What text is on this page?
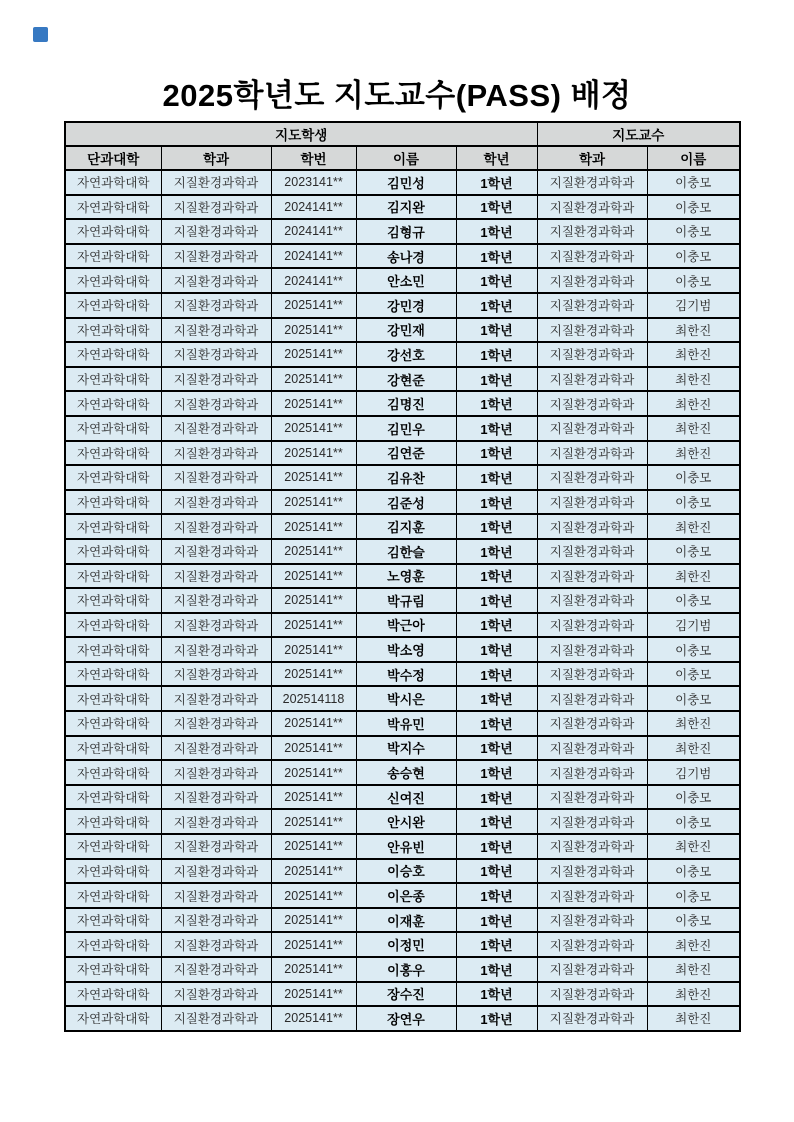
2025학년도 지도교수(PASS) 배정
지도학생					지도교수	
단과대학	학과	학번	이름	학년	학과	이름
자연과학대학	지질환경과학과	2023141**	김민성	1학년	지질환경과학과	이충모
자연과학대학	지질환경과학과	2024141**	김지완	1학년	지질환경과학과	이충모
자연과학대학	지질환경과학과	2024141**	김형규	1학년	지질환경과학과	이충모
자연과학대학	지질환경과학과	2024141**	송나경	1학년	지질환경과학과	이충모
자연과학대학	지질환경과학과	2024141**	안소민	1학년	지질환경과학과	이충모
자연과학대학	지질환경과학과	2025141**	강민경	1학년	지질환경과학과	김기범
자연과학대학	지질환경과학과	2025141**	강민재	1학년	지질환경과학과	최한진
자연과학대학	지질환경과학과	2025141**	강선호	1학년	지질환경과학과	최한진
자연과학대학	지질환경과학과	2025141**	강현준	1학년	지질환경과학과	최한진
자연과학대학	지질환경과학과	2025141**	김명진	1학년	지질환경과학과	최한진
자연과학대학	지질환경과학과	2025141**	김민우	1학년	지질환경과학과	최한진
자연과학대학	지질환경과학과	2025141**	김연준	1학년	지질환경과학과	최한진
자연과학대학	지질환경과학과	2025141**	김유찬	1학년	지질환경과학과	이충모
자연과학대학	지질환경과학과	2025141**	김준성	1학년	지질환경과학과	이충모
자연과학대학	지질환경과학과	2025141**	김지훈	1학년	지질환경과학과	최한진
자연과학대학	지질환경과학과	2025141**	김한슬	1학년	지질환경과학과	이충모
자연과학대학	지질환경과학과	2025141**	노영훈	1학년	지질환경과학과	최한진
자연과학대학	지질환경과학과	2025141**	박규림	1학년	지질환경과학과	이충모
자연과학대학	지질환경과학과	2025141**	박근아	1학년	지질환경과학과	김기범
자연과학대학	지질환경과학과	2025141**	박소영	1학년	지질환경과학과	이충모
자연과학대학	지질환경과학과	2025141**	박수정	1학년	지질환경과학과	이충모
자연과학대학	지질환경과학과	202514118	박시은	1학년	지질환경과학과	이충모
자연과학대학	지질환경과학과	2025141**	박유민	1학년	지질환경과학과	최한진
자연과학대학	지질환경과학과	2025141**	박지수	1학년	지질환경과학과	최한진
자연과학대학	지질환경과학과	2025141**	송승현	1학년	지질환경과학과	김기범
자연과학대학	지질환경과학과	2025141**	신여진	1학년	지질환경과학과	이충모
자연과학대학	지질환경과학과	2025141**	안시완	1학년	지질환경과학과	이충모
자연과학대학	지질환경과학과	2025141**	안유빈	1학년	지질환경과학과	최한진
자연과학대학	지질환경과학과	2025141**	이승호	1학년	지질환경과학과	이충모
자연과학대학	지질환경과학과	2025141**	이은종	1학년	지질환경과학과	이충모
자연과학대학	지질환경과학과	2025141**	이재훈	1학년	지질환경과학과	이충모
자연과학대학	지질환경과학과	2025141**	이정민	1학년	지질환경과학과	최한진
자연과학대학	지질환경과학과	2025141**	이홍우	1학년	지질환경과학과	최한진
자연과학대학	지질환경과학과	2025141**	장수진	1학년	지질환경과학과	최한진
자연과학대학	지질환경과학과	2025141**	장연우	1학년	지질환경과학과	최한진
